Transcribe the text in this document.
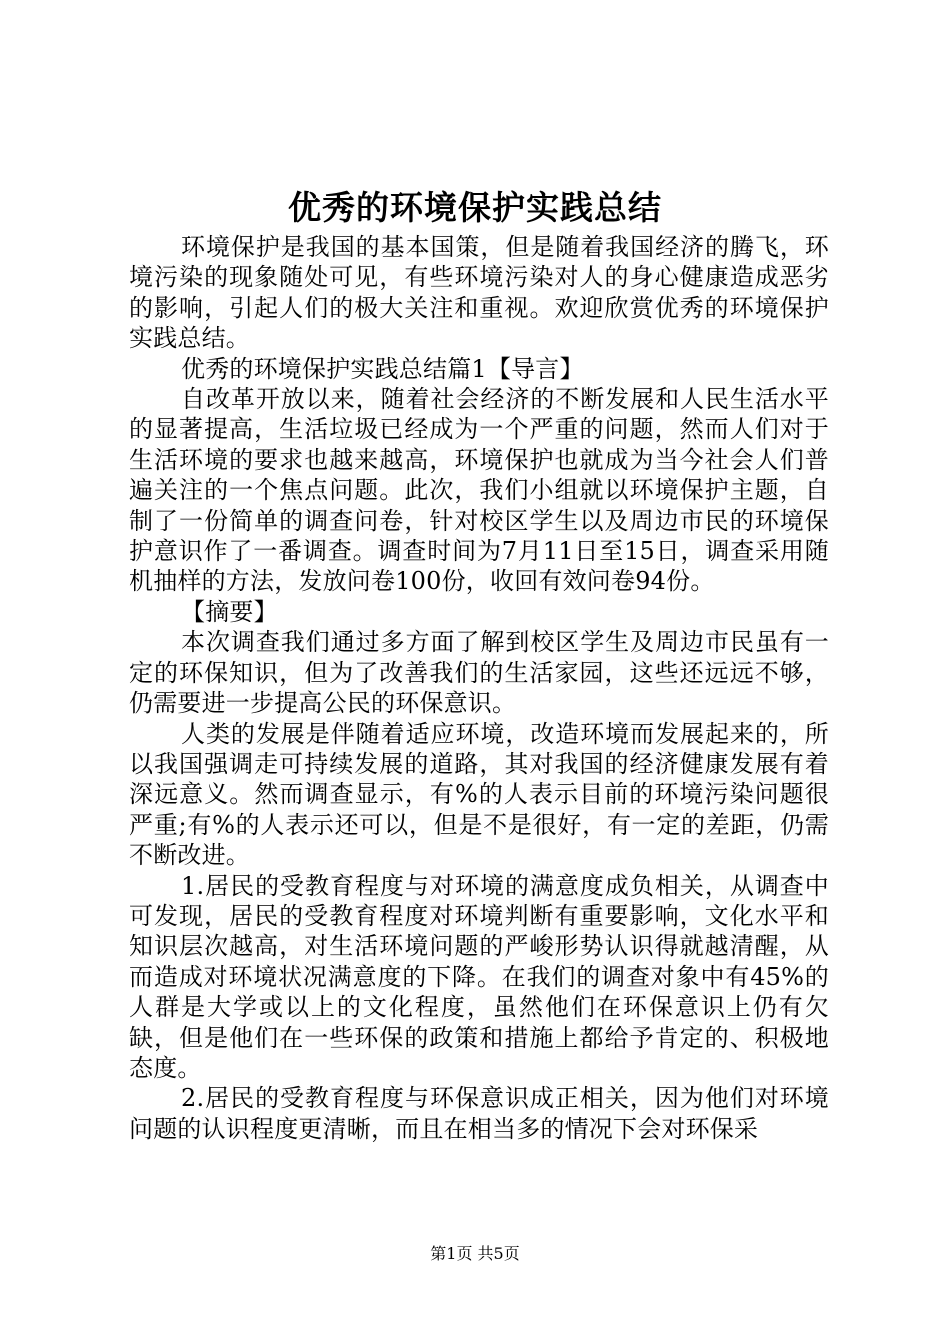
优秀的环境保护实践总结

环境保护是我国的基本国策，但是随着我国经济的腾飞，环境污染的现象随处可见，有些环境污染对人的身心健康造成恶劣的影响，引起人们的极大关注和重视。欢迎欣赏优秀的环境保护实践总结。

优秀的环境保护实践总结篇1【导言】

自改革开放以来，随着社会经济的不断发展和人民生活水平的显著提高，生活垃圾已经成为一个严重的问题，然而人们对于生活环境的要求也越来越高，环境保护也就成为当今社会人们普遍关注的一个焦点问题。此次，我们小组就以环境保护主题，自制了一份简单的调查问卷，针对校区学生以及周边市民的环境保护意识作了一番调查。调查时间为7月11日至15日，调查采用随机抽样的方法，发放问卷100份，收回有效问卷94份。

【摘要】

本次调查我们通过多方面了解到校区学生及周边市民虽有一定的环保知识，但为了改善我们的生活家园，这些还远远不够，仍需要进一步提高公民的环保意识。

人类的发展是伴随着适应环境，改造环境而发展起来的，所以我国强调走可持续发展的道路，其对我国的经济健康发展有着深远意义。然而调查显示，有%的人表示目前的环境污染问题很严重;有%的人表示还可以，但是不是很好，有一定的差距，仍需不断改进。

1.居民的受教育程度与对环境的满意度成负相关，从调查中可发现，居民的受教育程度对环境判断有重要影响，文化水平和知识层次越高，对生活环境问题的严峻形势认识得就越清醒，从而造成对环境状况满意度的下降。在我们的调查对象中有45%的人群是大学或以上的文化程度，虽然他们在环保意识上仍有欠缺，但是他们在一些环保的政策和措施上都给予肯定的、积极地态度。

2.居民的受教育程度与环保意识成正相关，因为他们对环境问题的认识程度更清晰，而且在相当多的情况下会对环保采

第1页 共5页
